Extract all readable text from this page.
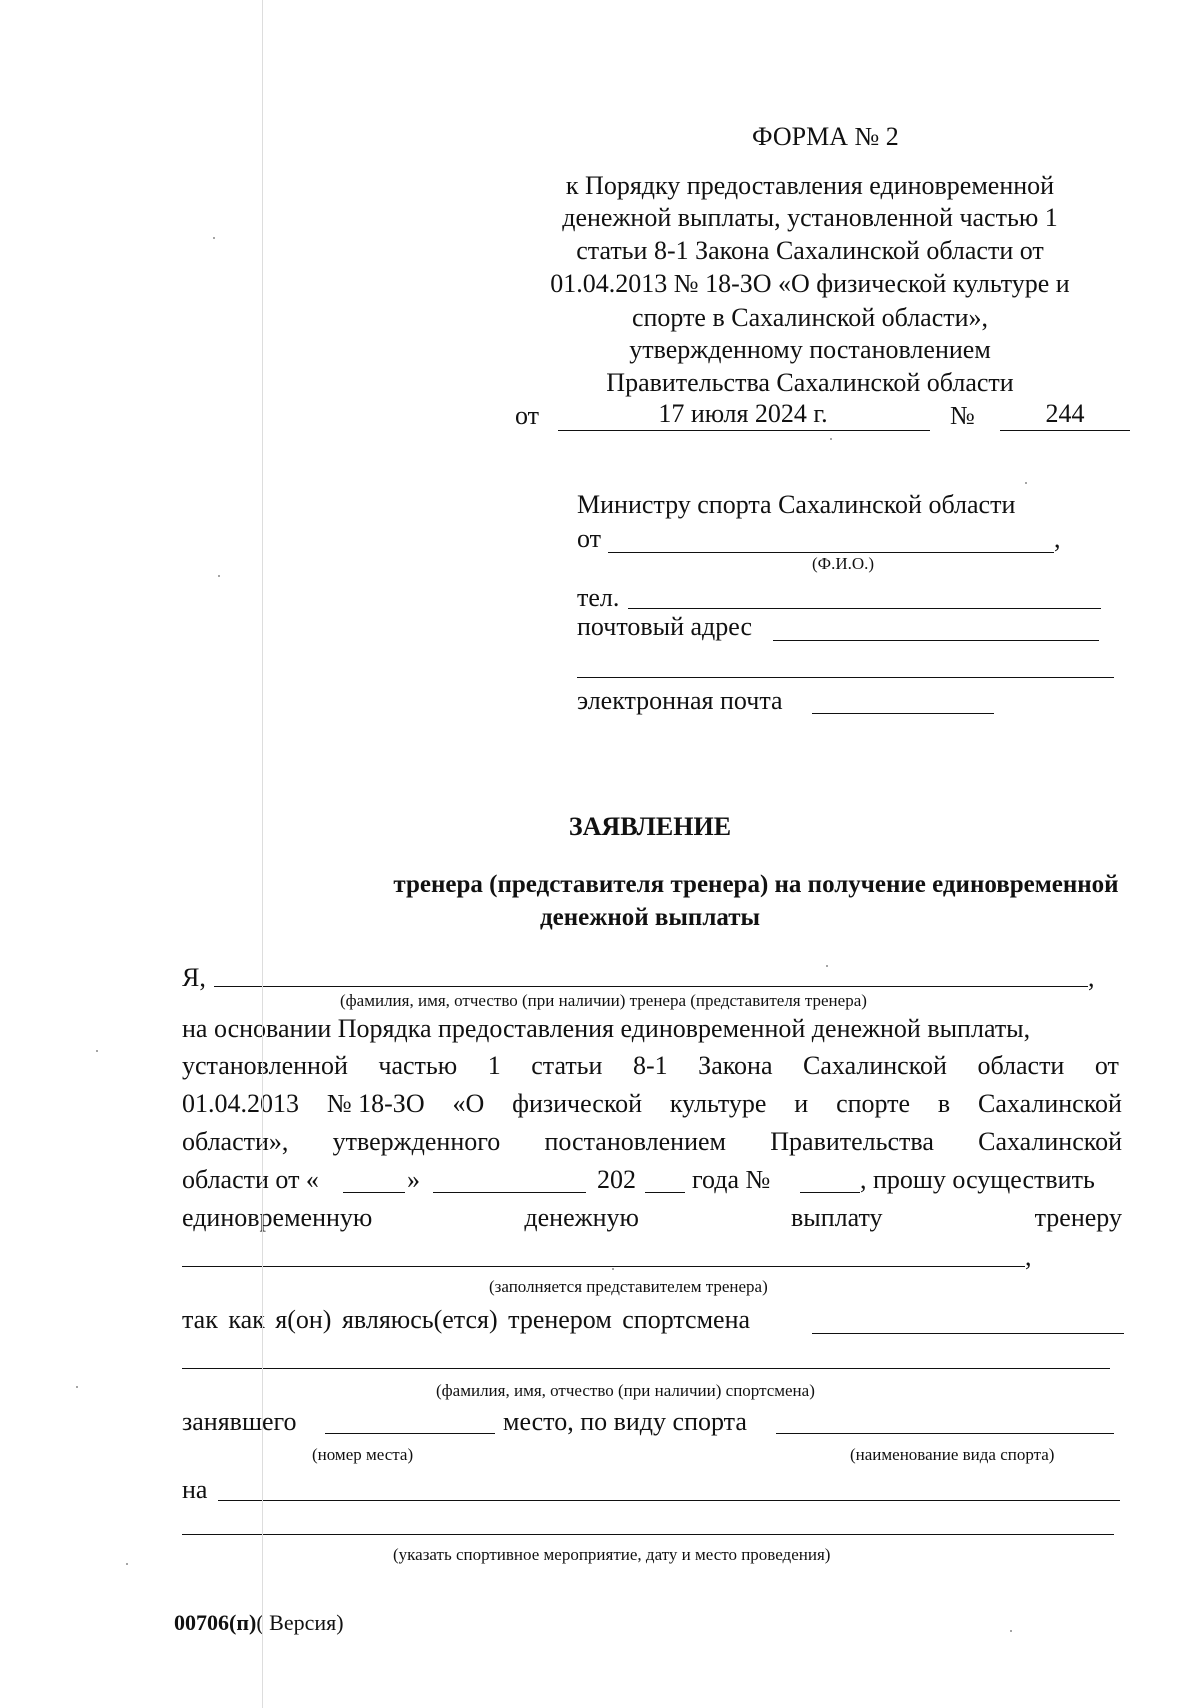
ФОРМА № 2
к Порядку предоставления единовременной
денежной выплаты, установленной частью 1
статьи 8-1 Закона Сахалинской области от
01.04.2013 № 18-ЗО «О физической культуре и
спорте в Сахалинской области»,
утвержденному постановлением
Правительства Сахалинской области
от	17 июля 2024 г.	№	244
Министру спорта Сахалинской области
от	,
(Ф.И.О.)
тел.
почтовый адрес
электронная почта
ЗАЯВЛЕНИЕ
тренера (представителя тренера) на получение единовременной
денежной выплаты
Я,	,
(фамилия, имя, отчество (при наличии) тренера (представителя тренера)
на основании Порядка предоставления единовременной денежной выплаты,
установленной частью 1 статьи 8-1 Закона Сахалинской области от
01.04.2013 № 18-ЗО «О физической культуре и спорте в Сахалинской
области», утвержденного постановлением Правительства Сахалинской
области от «	»	202 года №	, прошу осуществить
единовременную	денежную	выплату	тренеру
,
(заполняется представителем тренера)
так как я(он) являюсь(ется) тренером спортсмена
(фамилия, имя, отчество (при наличии) спортсмена)
занявшего	место, по виду спорта
(номер места)	(наименование вида спорта)
на
(указать спортивное мероприятие, дату и место проведения)
00706(п)( Версия)
